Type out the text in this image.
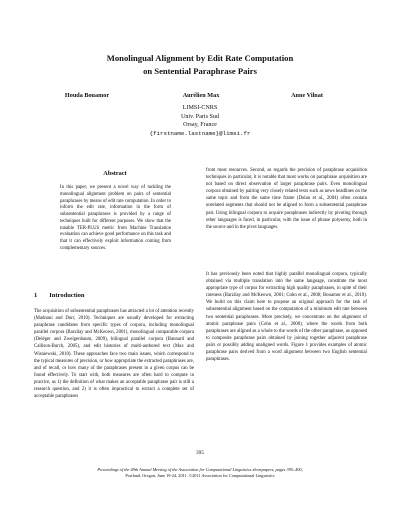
Monolingual Alignment by Edit Rate Computation
on Sentential Paraphrase Pairs
Houda Bouamor	Aurélien Max	Anne Vilnat
LIMSI-CNRS
Univ. Paris Sud
Orsay, France
{firstname.lastname}@limsi.fr
Abstract

In this paper, we present a novel way of tackling the monolingual alignment problem on pairs of sentential paraphrases by means of edit rate computation. In order to inform the edit rate, information in the form of subsentential paraphrases is provided by a range of techniques built for different purposes. We show that the tunable TER-PLUS metric from Machine Translation evaluation can achieve good performance on this task and that it can effectively exploit information coming from complementary sources.

1 Introduction

The acquisition of subsentential paraphrases has attracted a lot of attention recently (Madnani and Dorr, 2010). Techniques are usually developed for extracting paraphrase candidates from specific types of corpora, including monolingual parallel corpora (Barzilay and McKeown, 2001), monolingual comparable corpora (Deléger and Zweigenbaum, 2009), bilingual parallel corpora (Bannard and Callison-Burch, 2005), and edit histories of multi-authored text (Max and Wisniewski, 2010). These approaches face two main issues, which correspond to the typical measures of precision, or how appropriate the extracted paraphrases are, and of recall, or how many of the paraphrases present in a given corpus can be found effectively. To start with, both measures are often hard to compute in practice, as 1) the definition of what makes an acceptable paraphrase pair is still a research question, and 2) it is often impractical to extract a complete set of acceptable paraphrases

from most resources. Second, as regards the precision of paraphrase acquisition techniques in particular, it is notable that most works on paraphrase acquisition are not based on direct observation of larger paraphrase pairs. Even monolingual corpora obtained by pairing very closely related texts such as news headlines on the same topic and from the same time frame (Dolan et al., 2004) often contain unrelated segments that should not be aligned to form a subsentential paraphrase pair. Using bilingual corpora to acquire paraphrases indirectly by pivoting through other languages is faced, in particular, with the issue of phrase polysemy, both in the source and in the pivot languages.

It has previously been noted that highly parallel monolingual corpora, typically obtained via multiple translation into the same language, constitute the most appropriate type of corpus for extracting high quality paraphrases, in spite of their rareness (Barzilay and McKeown, 2001; Cohn et al., 2008; Bouamor et al., 2010). We build on this claim here to propose an original approach for the task of subsentential alignment based on the computation of a minimum edit rate between two sentential paraphrases. More precisely, we concentrate on the alignment of atomic paraphrase pairs (Cohn et al., 2008), where the words from both paraphrases are aligned as a whole to the words of the other paraphrase, as opposed to composite paraphrase pairs obtained by joining together adjacent paraphrase pairs or possibly adding unaligned words. Figure 1 provides examples of atomic paraphrase pairs derived from a word alignment between two English sentential paraphrases.

395
Proceedings of the 49th Annual Meeting of the Association for Computational Linguistics:shortpapers, pages 395–400,
Portland, Oregon, June 19-24, 2011. ©2011 Association for Computational Linguistics
